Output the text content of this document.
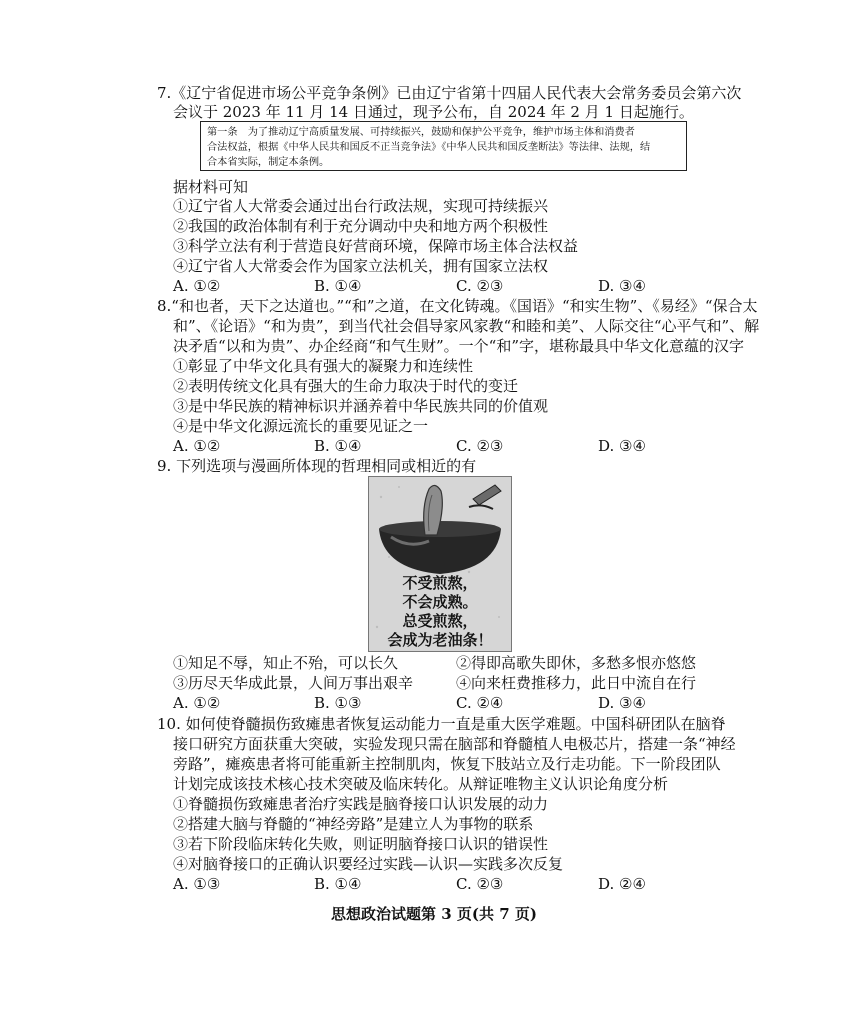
7.《辽宁省促进市场公平竞争条例》已由辽宁省第十四届人民代表大会常务委员会第六次
会议于 2023 年 11 月 14 日通过，现予公布，自 2024 年 2 月 1 日起施行。
第一条　为了推动辽宁高质量发展、可持续振兴，鼓励和保护公平竞争，维护市场主体和消费者
合法权益，根据《中华人民共和国反不正当竞争法》《中华人民共和国反垄断法》等法律、法规，结
合本省实际，制定本条例。
据材料可知
①辽宁省人大常委会通过出台行政法规，实现可持续振兴
②我国的政治体制有利于充分调动中央和地方两个积极性
③科学立法有利于营造良好营商环境，保障市场主体合法权益
④辽宁省人大常委会作为国家立法机关，拥有国家立法权
A. ①②	B. ①④	C. ②③	D. ③④
8.“和也者，天下之达道也。”“和”之道，在文化铸魂。《国语》“和实生物”、《易经》“保合太
和”、《论语》“和为贵”，到当代社会倡导家风家教“和睦和美”、人际交往“心平气和”、解
决矛盾“以和为贵”、办企经商“和气生财”。一个“和”字，堪称最具中华文化意蕴的汉字
①彰显了中华文化具有强大的凝聚力和连续性
②表明传统文化具有强大的生命力取决于时代的变迁
③是中华民族的精神标识并涵养着中华民族共同的价值观
④是中华文化源远流长的重要见证之一
A. ①②	B. ①④	C. ②③	D. ③④
9. 下列选项与漫画所体现的哲理相同或相近的有
不受煎熬，
不会成熟。
总受煎熬，
会成为老油条！
①知足不辱，知止不殆，可以长久	②得即高歌失即休，多愁多恨亦悠悠
③历尽天华成此景，人间万事出艰辛	④向来枉费推移力，此日中流自在行
A. ①②	B. ①③	C. ②④	D. ③④
10. 如何使脊髓损伤致瘫患者恢复运动能力一直是重大医学难题。中国科研团队在脑脊
接口研究方面获重大突破，实验发现只需在脑部和脊髓植人电极芯片，搭建一条“神经
旁路”，瘫痪患者将可能重新主控制肌肉，恢复下肢站立及行走功能。下一阶段团队
计划完成该技术核心技术突破及临床转化。从辩证唯物主义认识论角度分析
①脊髓损伤致瘫患者治疗实践是脑脊接口认识发展的动力
②搭建大脑与脊髓的“神经旁路”是建立人为事物的联系
③若下阶段临床转化失败，则证明脑脊接口认识的错误性
④对脑脊接口的正确认识要经过实践—认识—实践多次反复
A. ①③	B. ①④	C. ②③	D. ②④
思想政治试题第 3 页(共 7 页)
